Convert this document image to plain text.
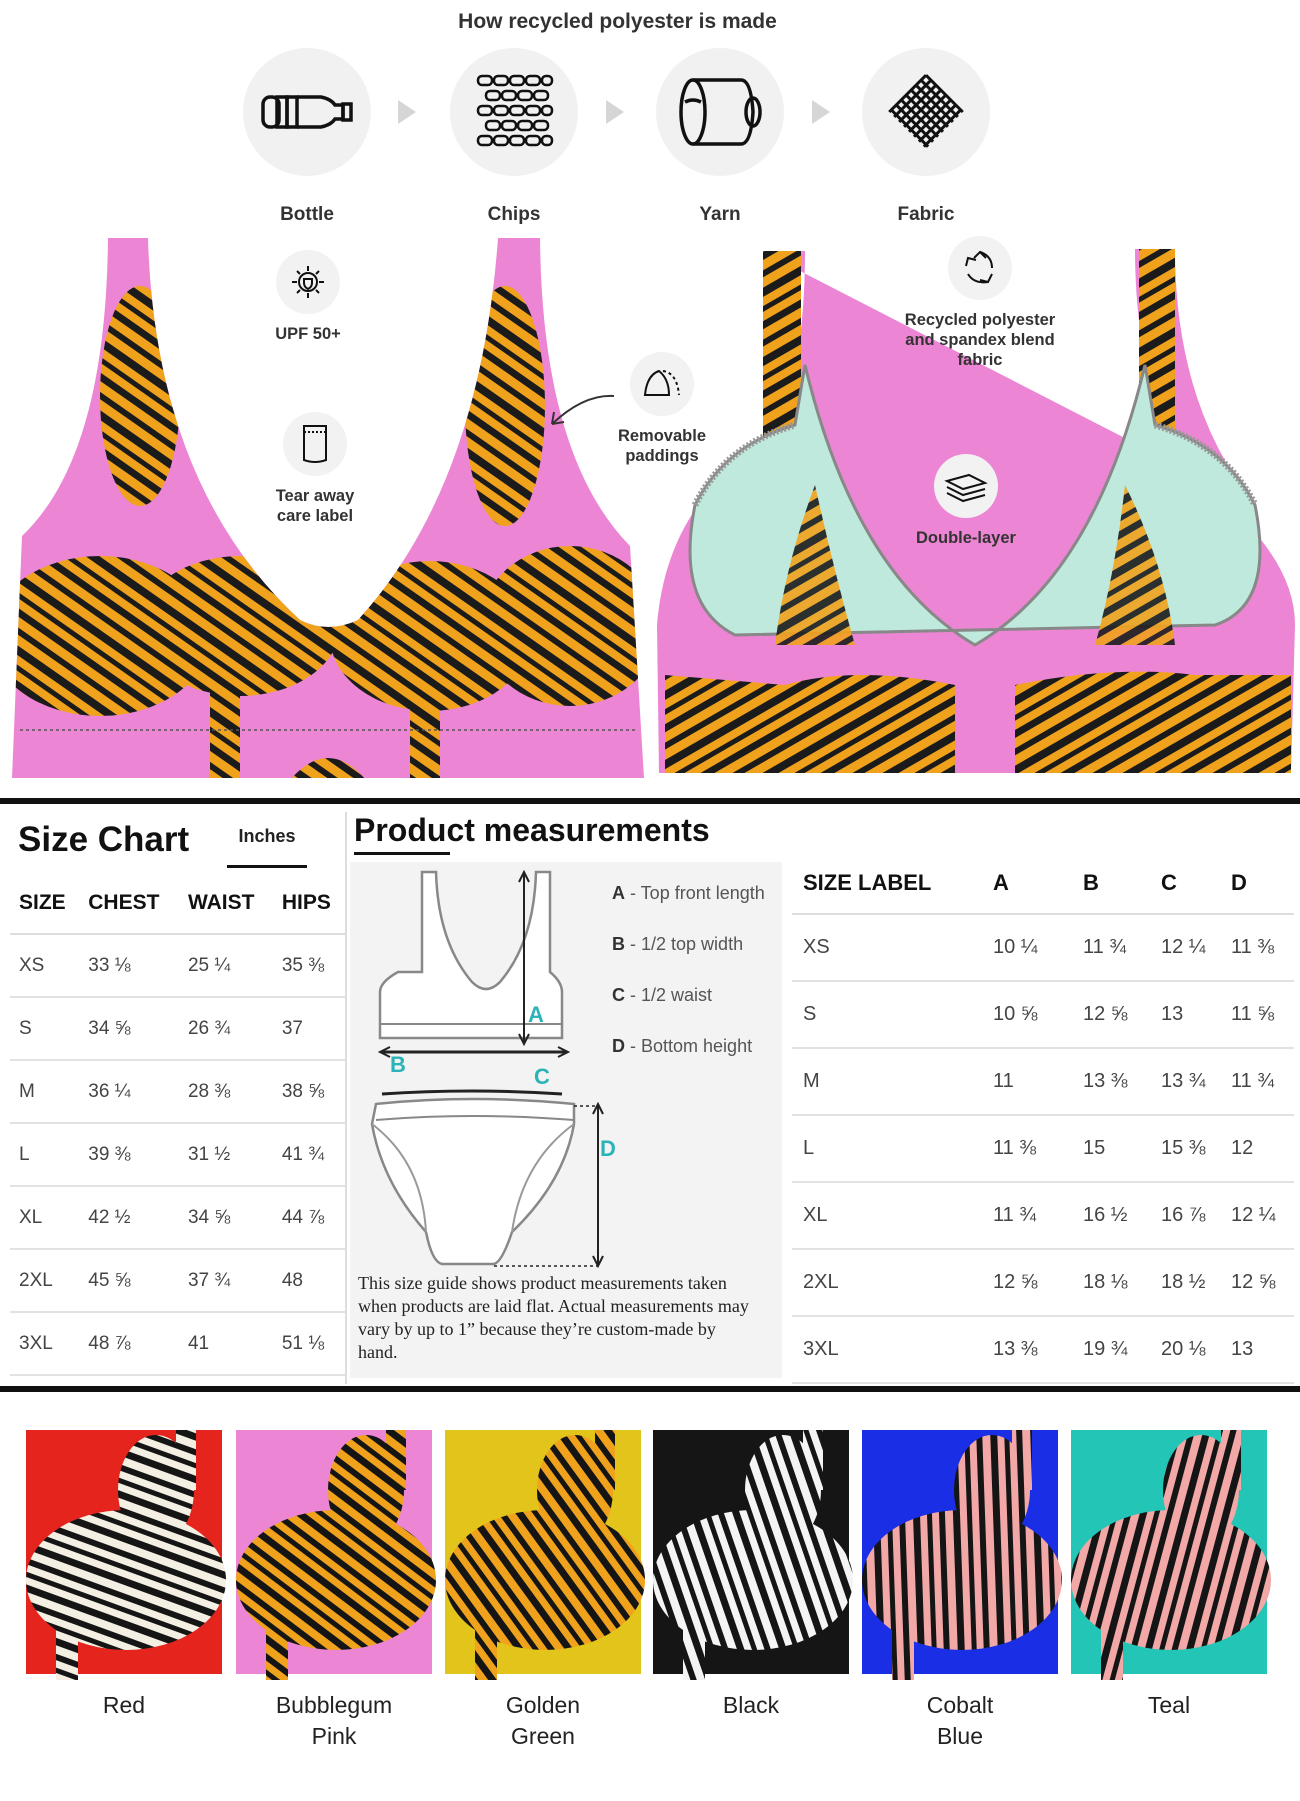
How recycled polyester is made
Bottle	Chips	Yarn	Fabric
UPF 50+
Tear away care label
Removable paddings
Recycled polyester and spandex blend fabric
Double-layer
Size Chart	Inches
SIZE	CHEST	WAIST	HIPS
XS	33 ⅛	25 ¼	35 ⅜
S	34 ⅝	26 ¾	37
M	36 ¼	28 ⅜	38 ⅝
L	39 ⅜	31 ½	41 ¾
XL	42 ½	34 ⅝	44 ⅞
2XL	45 ⅝	37 ¾	48
3XL	48 ⅞	41	51 ⅛
Product measurements
A
B	C
D
A - Top front length
B - 1/2 top width
C - 1/2 waist
D - Bottom height
This size guide shows product measurements taken when products are laid flat. Actual measurements may vary by up to 1” because they’re custom-made by hand.
SIZE LABEL	A	B	C	D
XS	10 ¼	11 ¾	12 ¼	11 ⅜
S	10 ⅝	12 ⅝	13	11 ⅝
M	11	13 ⅜	13 ¾	11 ¾
L	11 ⅜	15	15 ⅜	12
XL	11 ¾	16 ½	16 ⅞	12 ¼
2XL	12 ⅝	18 ⅛	18 ½	12 ⅝
3XL	13 ⅜	19 ¾	20 ⅛	13
Red	Bubblegum
Pink
Golden
Green
Black	Cobalt
Blue
Teal
